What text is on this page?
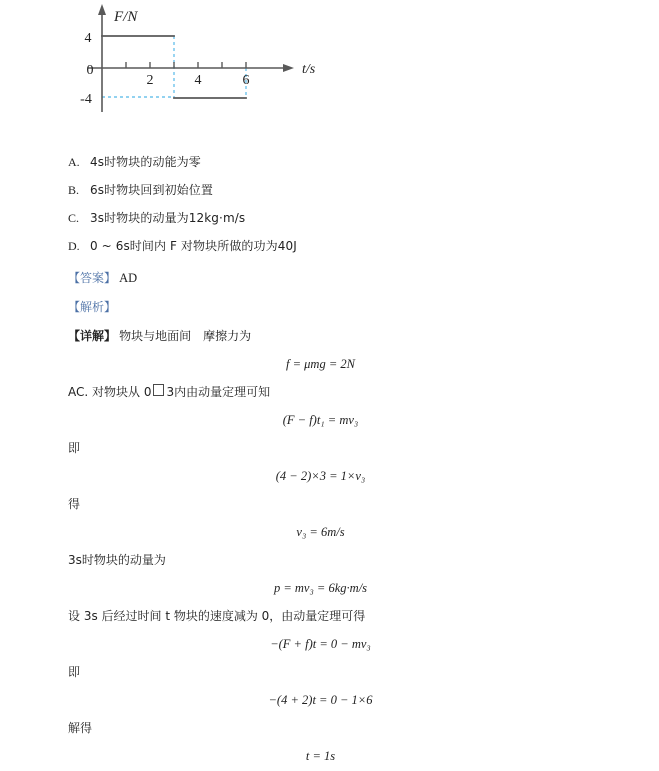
F/N
t/s
4
0
-4
2	4	6
A. 4s时物块的动能为零
B. 6s时物块回到初始位置
C. 3s时物块的动量为12kg·m/s
D. 0 ~ 6s时间内 F 对物块所做的功为40J
【答案】 AD
【解析】
【详解】 物块与地面间　摩擦力为
f = μmg = 2N
AC. 对物块从 0 3内由动量定理可知
(F − f)t₁ = mv₃
即
(4 − 2)×3 = 1×v₃
得
v₃ = 6m/s
3s时物块的动量为
p = mv₃ = 6kg·m/s
设 3s 后经过时间 t 物块的速度减为 0，由动量定理可得
−(F + f)t = 0 − mv₃
即
−(4 + 2)t = 0 − 1×6
解得
t = 1s
